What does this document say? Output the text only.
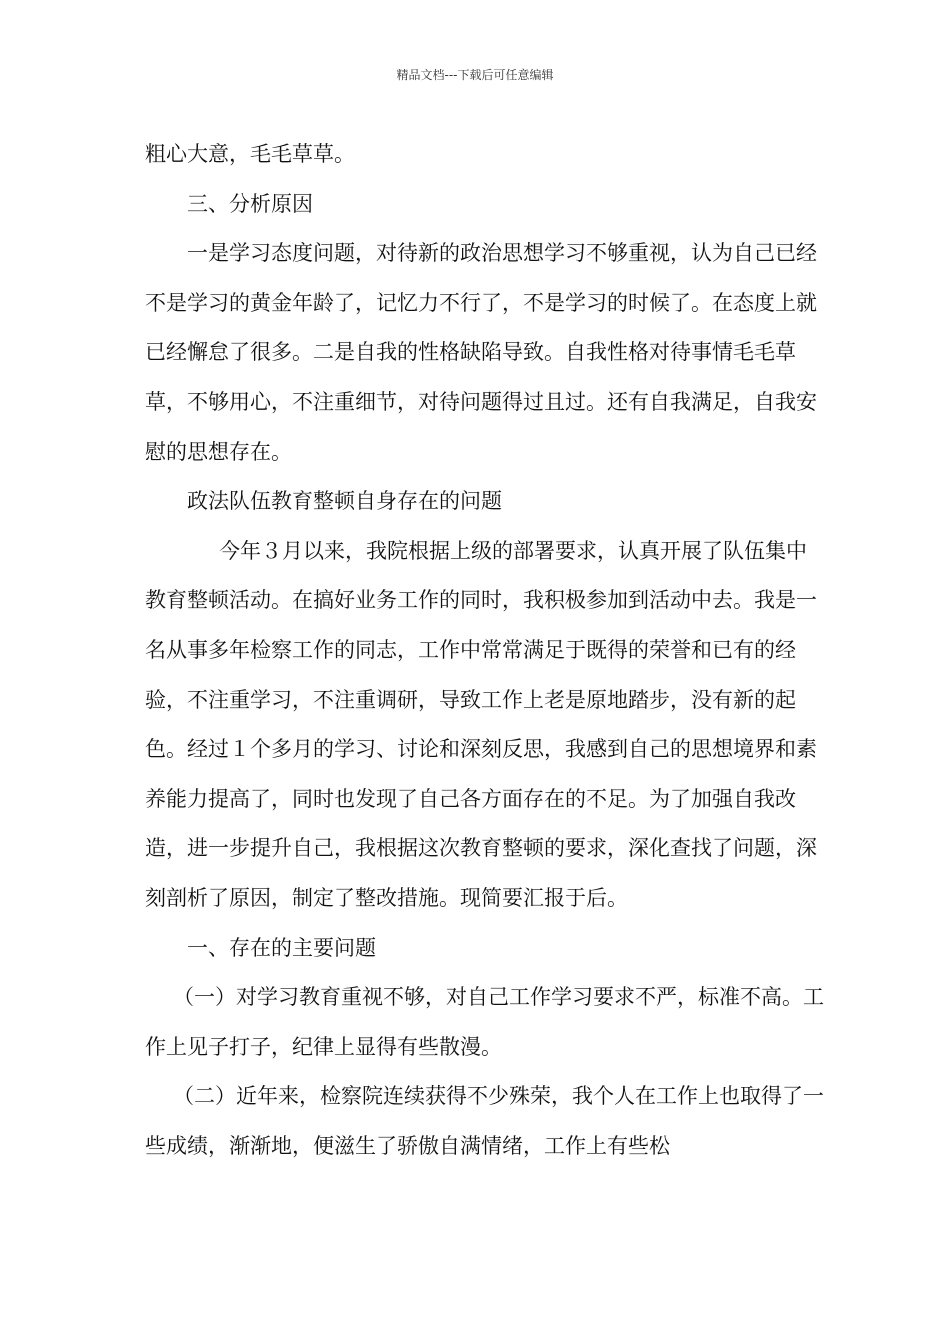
精品文档---下载后可任意编辑

粗心大意，毛毛草草。

三、分析原因

一是学习态度问题，对待新的政治思想学习不够重视，认为自己已经不是学习的黄金年龄了，记忆力不行了，不是学习的时候了。在态度上就已经懈怠了很多。二是自我的性格缺陷导致。自我性格对待事情毛毛草草，不够用心，不注重细节，对待问题得过且过。还有自我满足，自我安慰的思想存在。

政法队伍教育整顿自身存在的问题

今年３月以来，我院根据上级的部署要求，认真开展了队伍集中教育整顿活动。在搞好业务工作的同时，我积极参加到活动中去。我是一名从事多年检察工作的同志，工作中常常满足于既得的荣誉和已有的经验，不注重学习，不注重调研，导致工作上老是原地踏步，没有新的起色。经过１个多月的学习、讨论和深刻反思，我感到自己的思想境界和素养能力提高了，同时也发现了自己各方面存在的不足。为了加强自我改造，进一步提升自己，我根据这次教育整顿的要求，深化查找了问题，深刻剖析了原因，制定了整改措施。现简要汇报于后。

一、存在的主要问题

（一）对学习教育重视不够，对自己工作学习要求不严，标准不高。工作上见子打子，纪律上显得有些散漫。

（二）近年来，检察院连续获得不少殊荣，我个人在工作上也取得了一些成绩，渐渐地，便滋生了骄傲自满情绪，工作上有些松
